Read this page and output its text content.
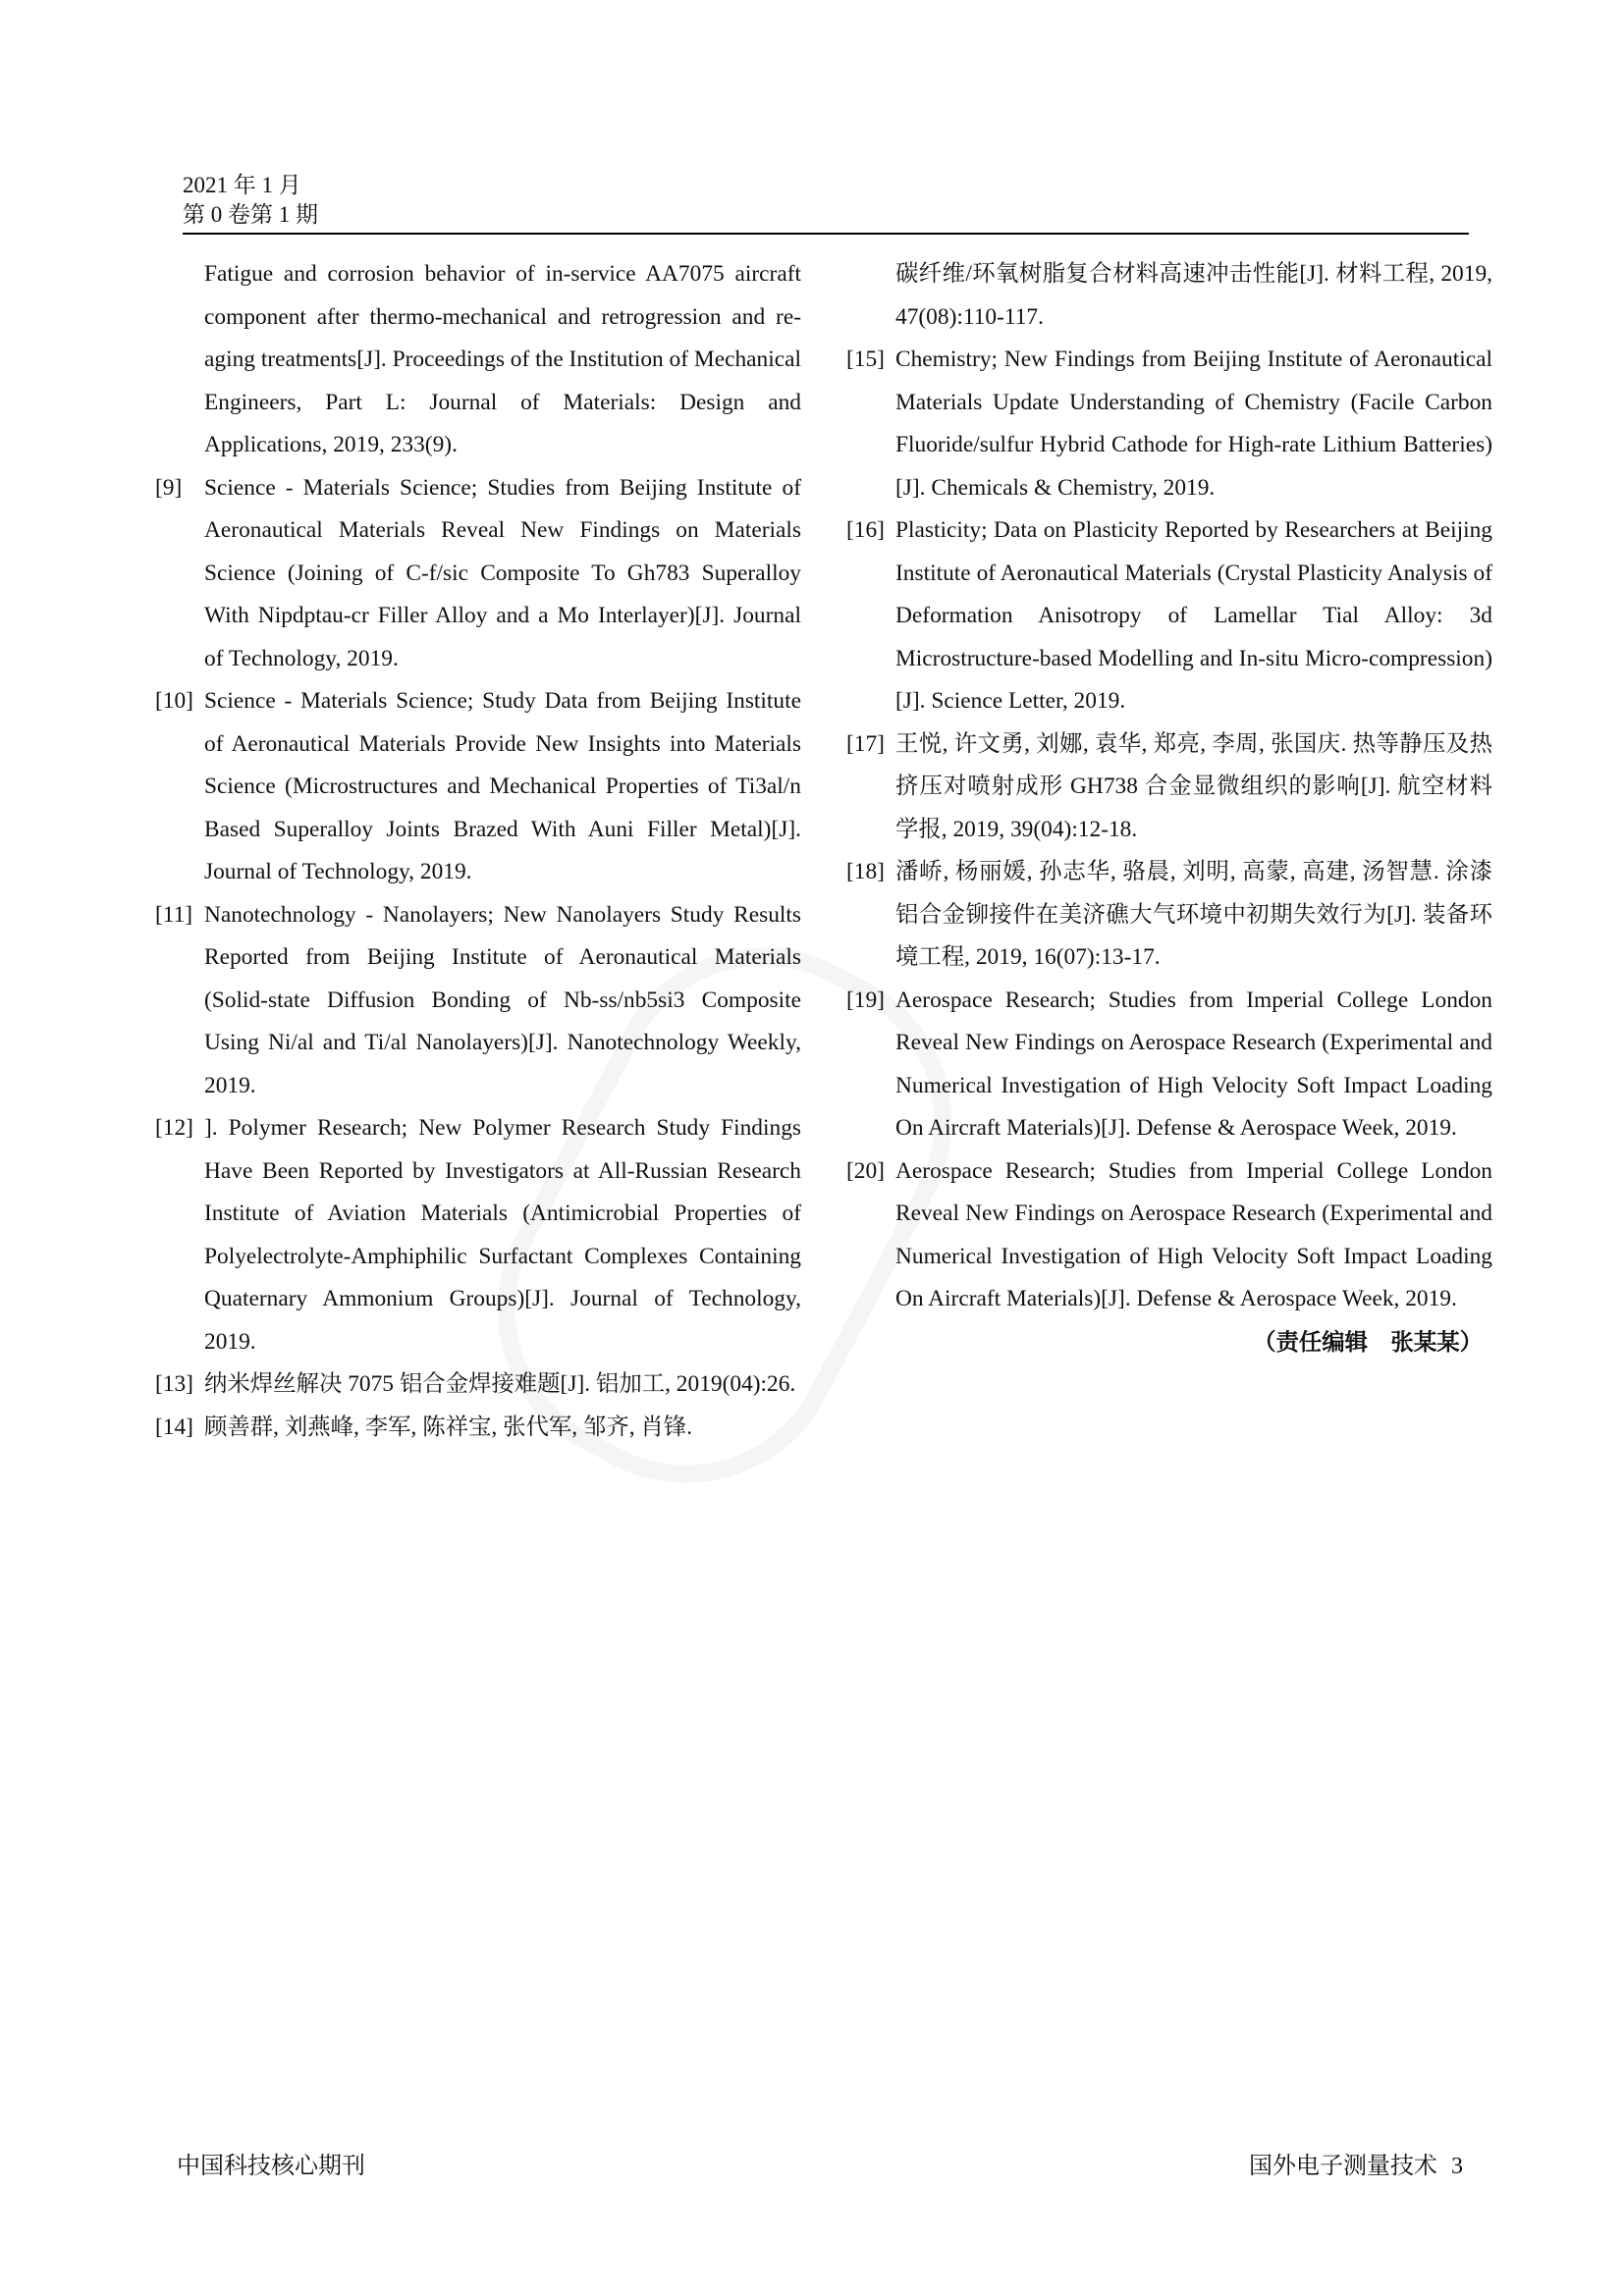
2021 年 1 月
第 0 卷第 1 期
Fatigue and corrosion behavior of in-service AA7075 aircraft component after thermo-mechanical and retrogression and re-aging treatments[J]. Proceedings of the Institution of Mechanical Engineers, Part L: Journal of Materials: Design and Applications, 2019, 233(9).
[9] Science - Materials Science; Studies from Beijing Institute of Aeronautical Materials Reveal New Findings on Materials Science (Joining of C-f/sic Composite To Gh783 Superalloy With Nipdptau-cr Filler Alloy and a Mo Interlayer)[J]. Journal of Technology, 2019.
[10] Science - Materials Science; Study Data from Beijing Institute of Aeronautical Materials Provide New Insights into Materials Science (Microstructures and Mechanical Properties of Ti3al/n Based Superalloy Joints Brazed With Auni Filler Metal)[J]. Journal of Technology, 2019.
[11] Nanotechnology - Nanolayers; New Nanolayers Study Results Reported from Beijing Institute of Aeronautical Materials (Solid-state Diffusion Bonding of Nb-ss/nb5si3 Composite Using Ni/al and Ti/al Nanolayers)[J]. Nanotechnology Weekly, 2019.
[12] ]. Polymer Research; New Polymer Research Study Findings Have Been Reported by Investigators at All-Russian Research Institute of Aviation Materials (Antimicrobial Properties of Polyelectrolyte-Amphiphilic Surfactant Complexes Containing Quaternary Ammonium Groups)[J]. Journal of Technology, 2019.
[13] 纳米焊丝解决 7075 铝合金焊接难题[J]. 铝加工, 2019(04):26.
[14] 顾善群, 刘燕峰, 李军, 陈祥宝, 张代军, 邹齐, 肖锋.
碳纤维/环氧树脂复合材料高速冲击性能[J]. 材料工程, 2019, 47(08):110-117.
[15] Chemistry; New Findings from Beijing Institute of Aeronautical Materials Update Understanding of Chemistry (Facile Carbon Fluoride/sulfur Hybrid Cathode for High-rate Lithium Batteries)[J]. Chemicals & Chemistry, 2019.
[16] Plasticity; Data on Plasticity Reported by Researchers at Beijing Institute of Aeronautical Materials (Crystal Plasticity Analysis of Deformation Anisotropy of Lamellar Tial Alloy: 3d Microstructure-based Modelling and In-situ Micro-compression)[J]. Science Letter, 2019.
[17] 王悦, 许文勇, 刘娜, 袁华, 郑亮, 李周, 张国庆. 热等静压及热挤压对喷射成形 GH738 合金显微组织的影响[J]. 航空材料学报, 2019, 39(04):12-18.
[18] 潘峤, 杨丽媛, 孙志华, 骆晨, 刘明, 高蒙, 高建, 汤智慧. 涂漆铝合金铆接件在美济礁大气环境中初期失效行为[J]. 装备环境工程, 2019, 16(07):13-17.
[19] Aerospace Research; Studies from Imperial College London Reveal New Findings on Aerospace Research (Experimental and Numerical Investigation of High Velocity Soft Impact Loading On Aircraft Materials)[J]. Defense & Aerospace Week, 2019.
[20] Aerospace Research; Studies from Imperial College London Reveal New Findings on Aerospace Research (Experimental and Numerical Investigation of High Velocity Soft Impact Loading On Aircraft Materials)[J]. Defense & Aerospace Week, 2019.
（责任编辑　张某某）
中国科技核心期刊	国外电子测量技术 3
